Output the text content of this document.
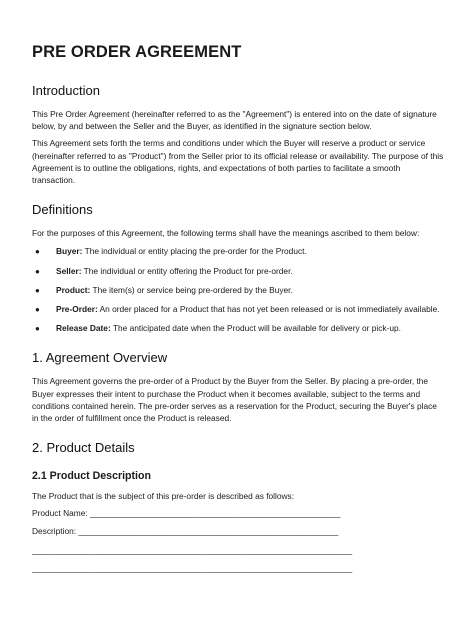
PRE ORDER AGREEMENT
Introduction

This Pre Order Agreement (hereinafter referred to as the "Agreement") is entered into on the date of signature below, by and between the Seller and the Buyer, as identified in the signature section below.

This Agreement sets forth the terms and conditions under which the Buyer will reserve a product or service (hereinafter referred to as "Product") from the Seller prior to its official release or availability. The purpose of this Agreement is to outline the obligations, rights, and expectations of both parties to facilitate a smooth transaction.

Definitions

For the purposes of this Agreement, the following terms shall have the meanings ascribed to them below:

● Buyer: The individual or entity placing the pre-order for the Product.
● Seller: The individual or entity offering the Product for pre-order.
● Product: The item(s) or service being pre-ordered by the Buyer.
● Pre-Order: An order placed for a Product that has not yet been released or is not immediately available.
● Release Date: The anticipated date when the Product will be available for delivery or pick-up.
1. Agreement Overview

This Agreement governs the pre-order of a Product by the Buyer from the Seller. By placing a pre-order, the Buyer expresses their intent to purchase the Product when it becomes available, subject to the terms and conditions contained herein. The pre-order serves as a reservation for the Product, securing the Buyer's place in the order of fulfillment once the Product is released.

2. Product Details
2.1 Product Description

The Product that is the subject of this pre-order is described as follows:

Product Name: ______________________________________________________
Description: ________________________________________________________
_____________________________________________________________________
_____________________________________________________________________
